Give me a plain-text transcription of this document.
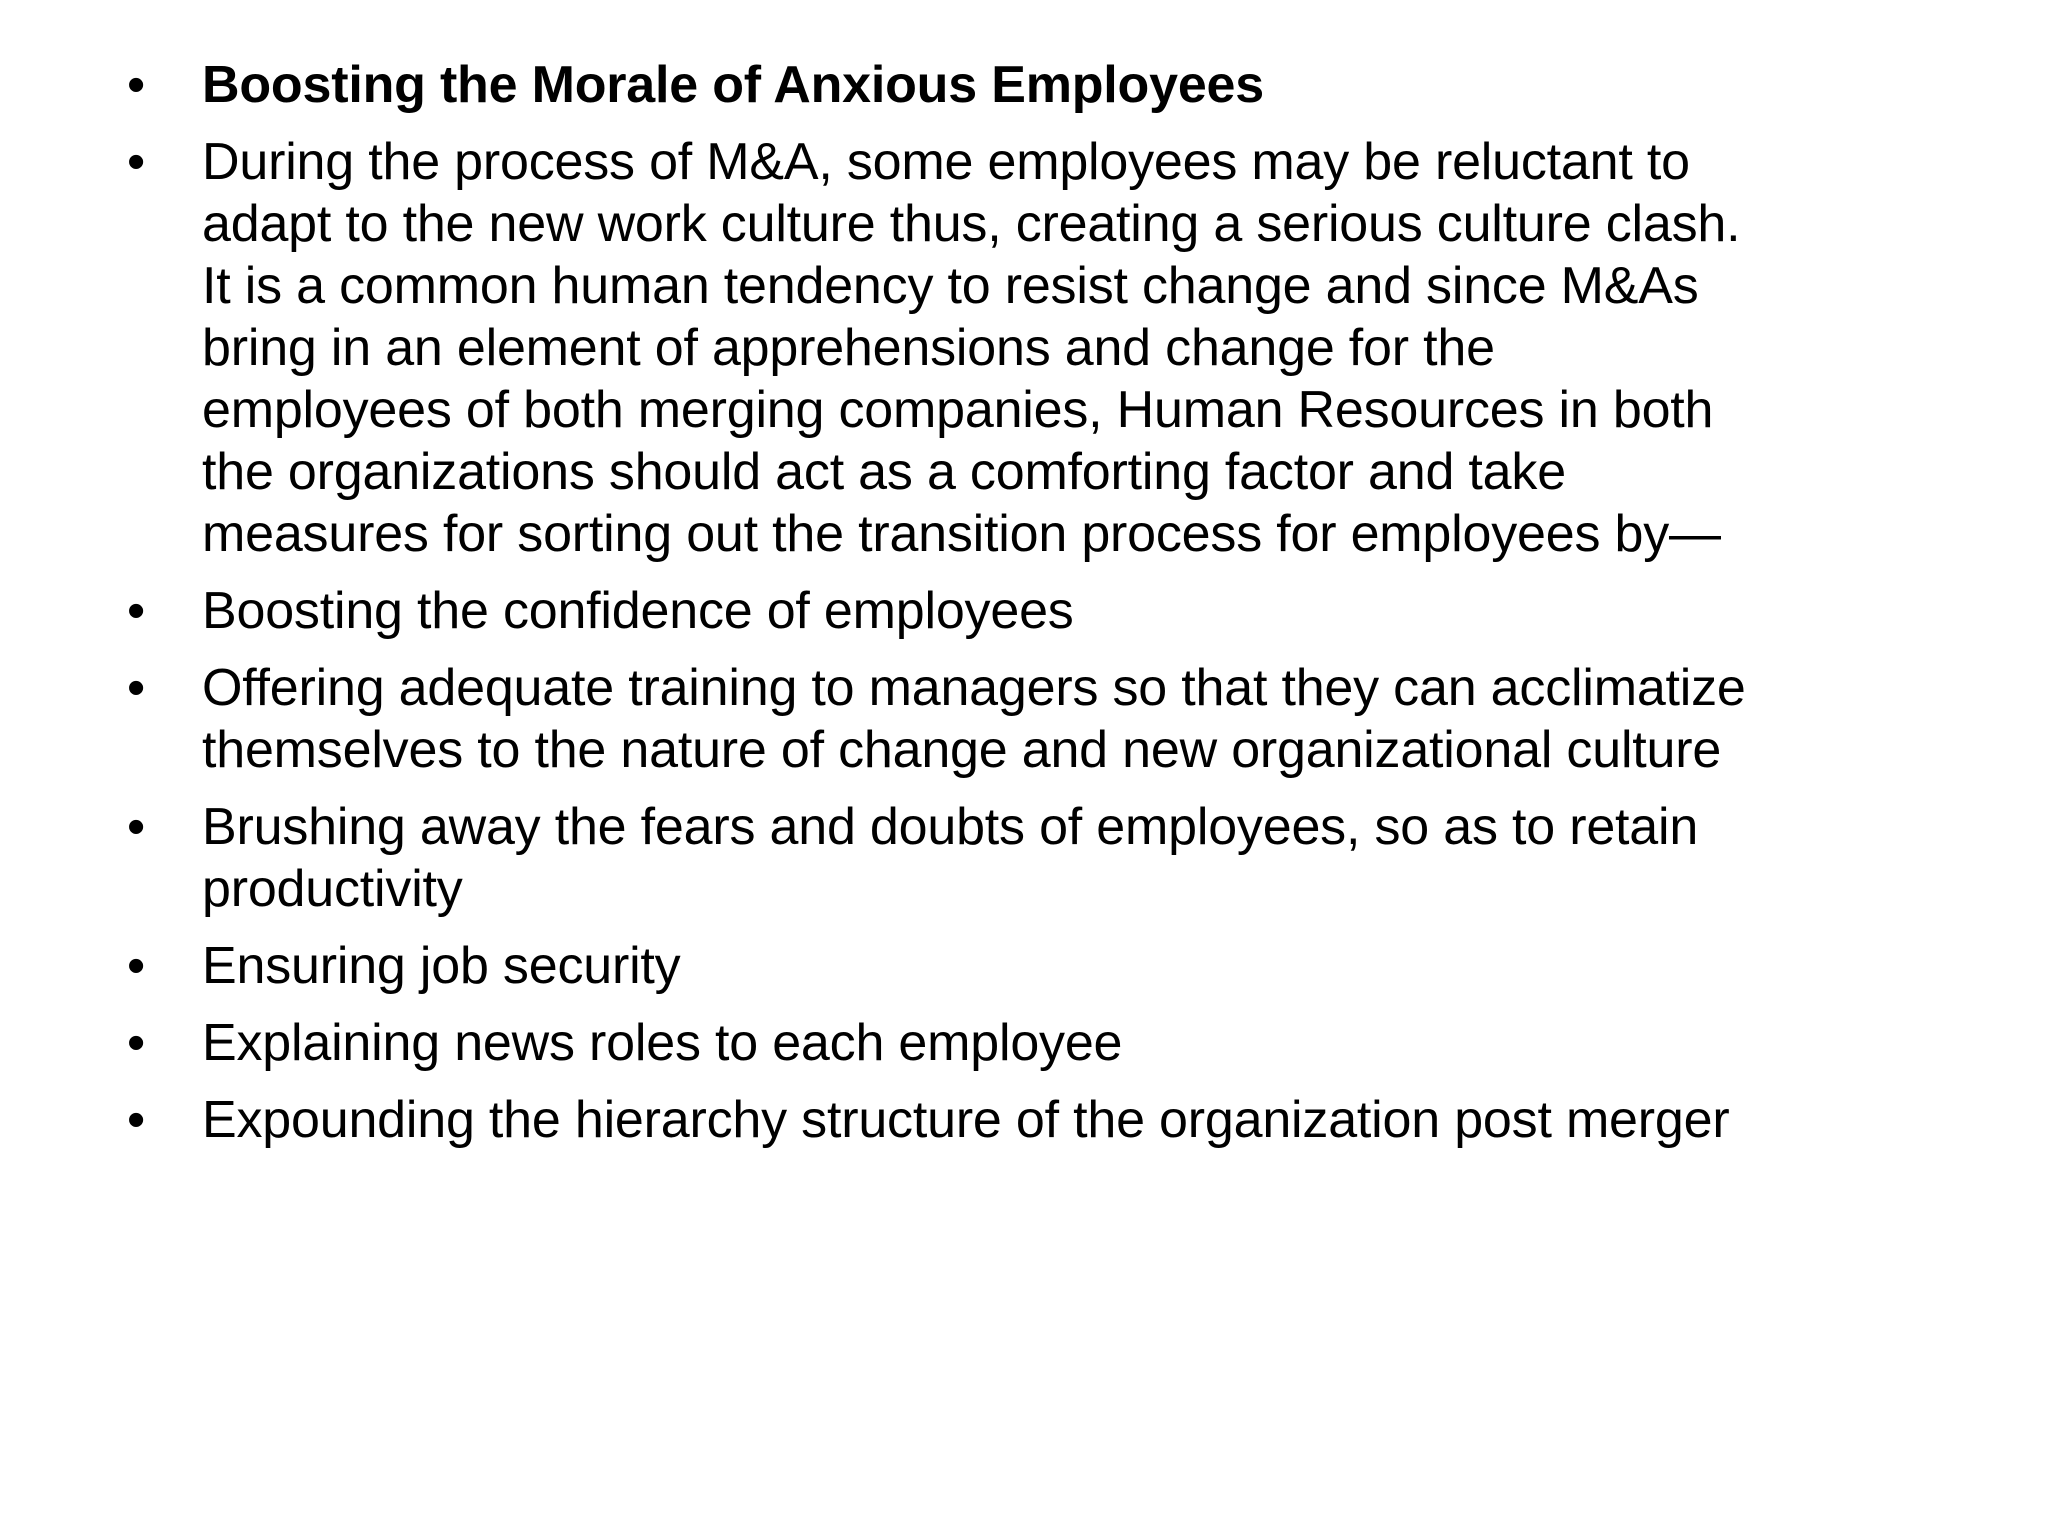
•	Boosting the Morale of Anxious Employees
•	During the process of M&A, some employees may be reluctant to
adapt to the new work culture thus, creating a serious culture clash.
It is a common human tendency to resist change and since M&As
bring in an element of apprehensions and change for the
employees of both merging companies, Human Resources in both
the organizations should act as a comforting factor and take
measures for sorting out the transition process for employees by—
•	Boosting the confidence of employees
•	Offering adequate training to managers so that they can acclimatize
themselves to the nature of change and new organizational culture
•	Brushing away the fears and doubts of employees, so as to retain
productivity
•	Ensuring job security
•	Explaining news roles to each employee
•	Expounding the hierarchy structure of the organization post merger
